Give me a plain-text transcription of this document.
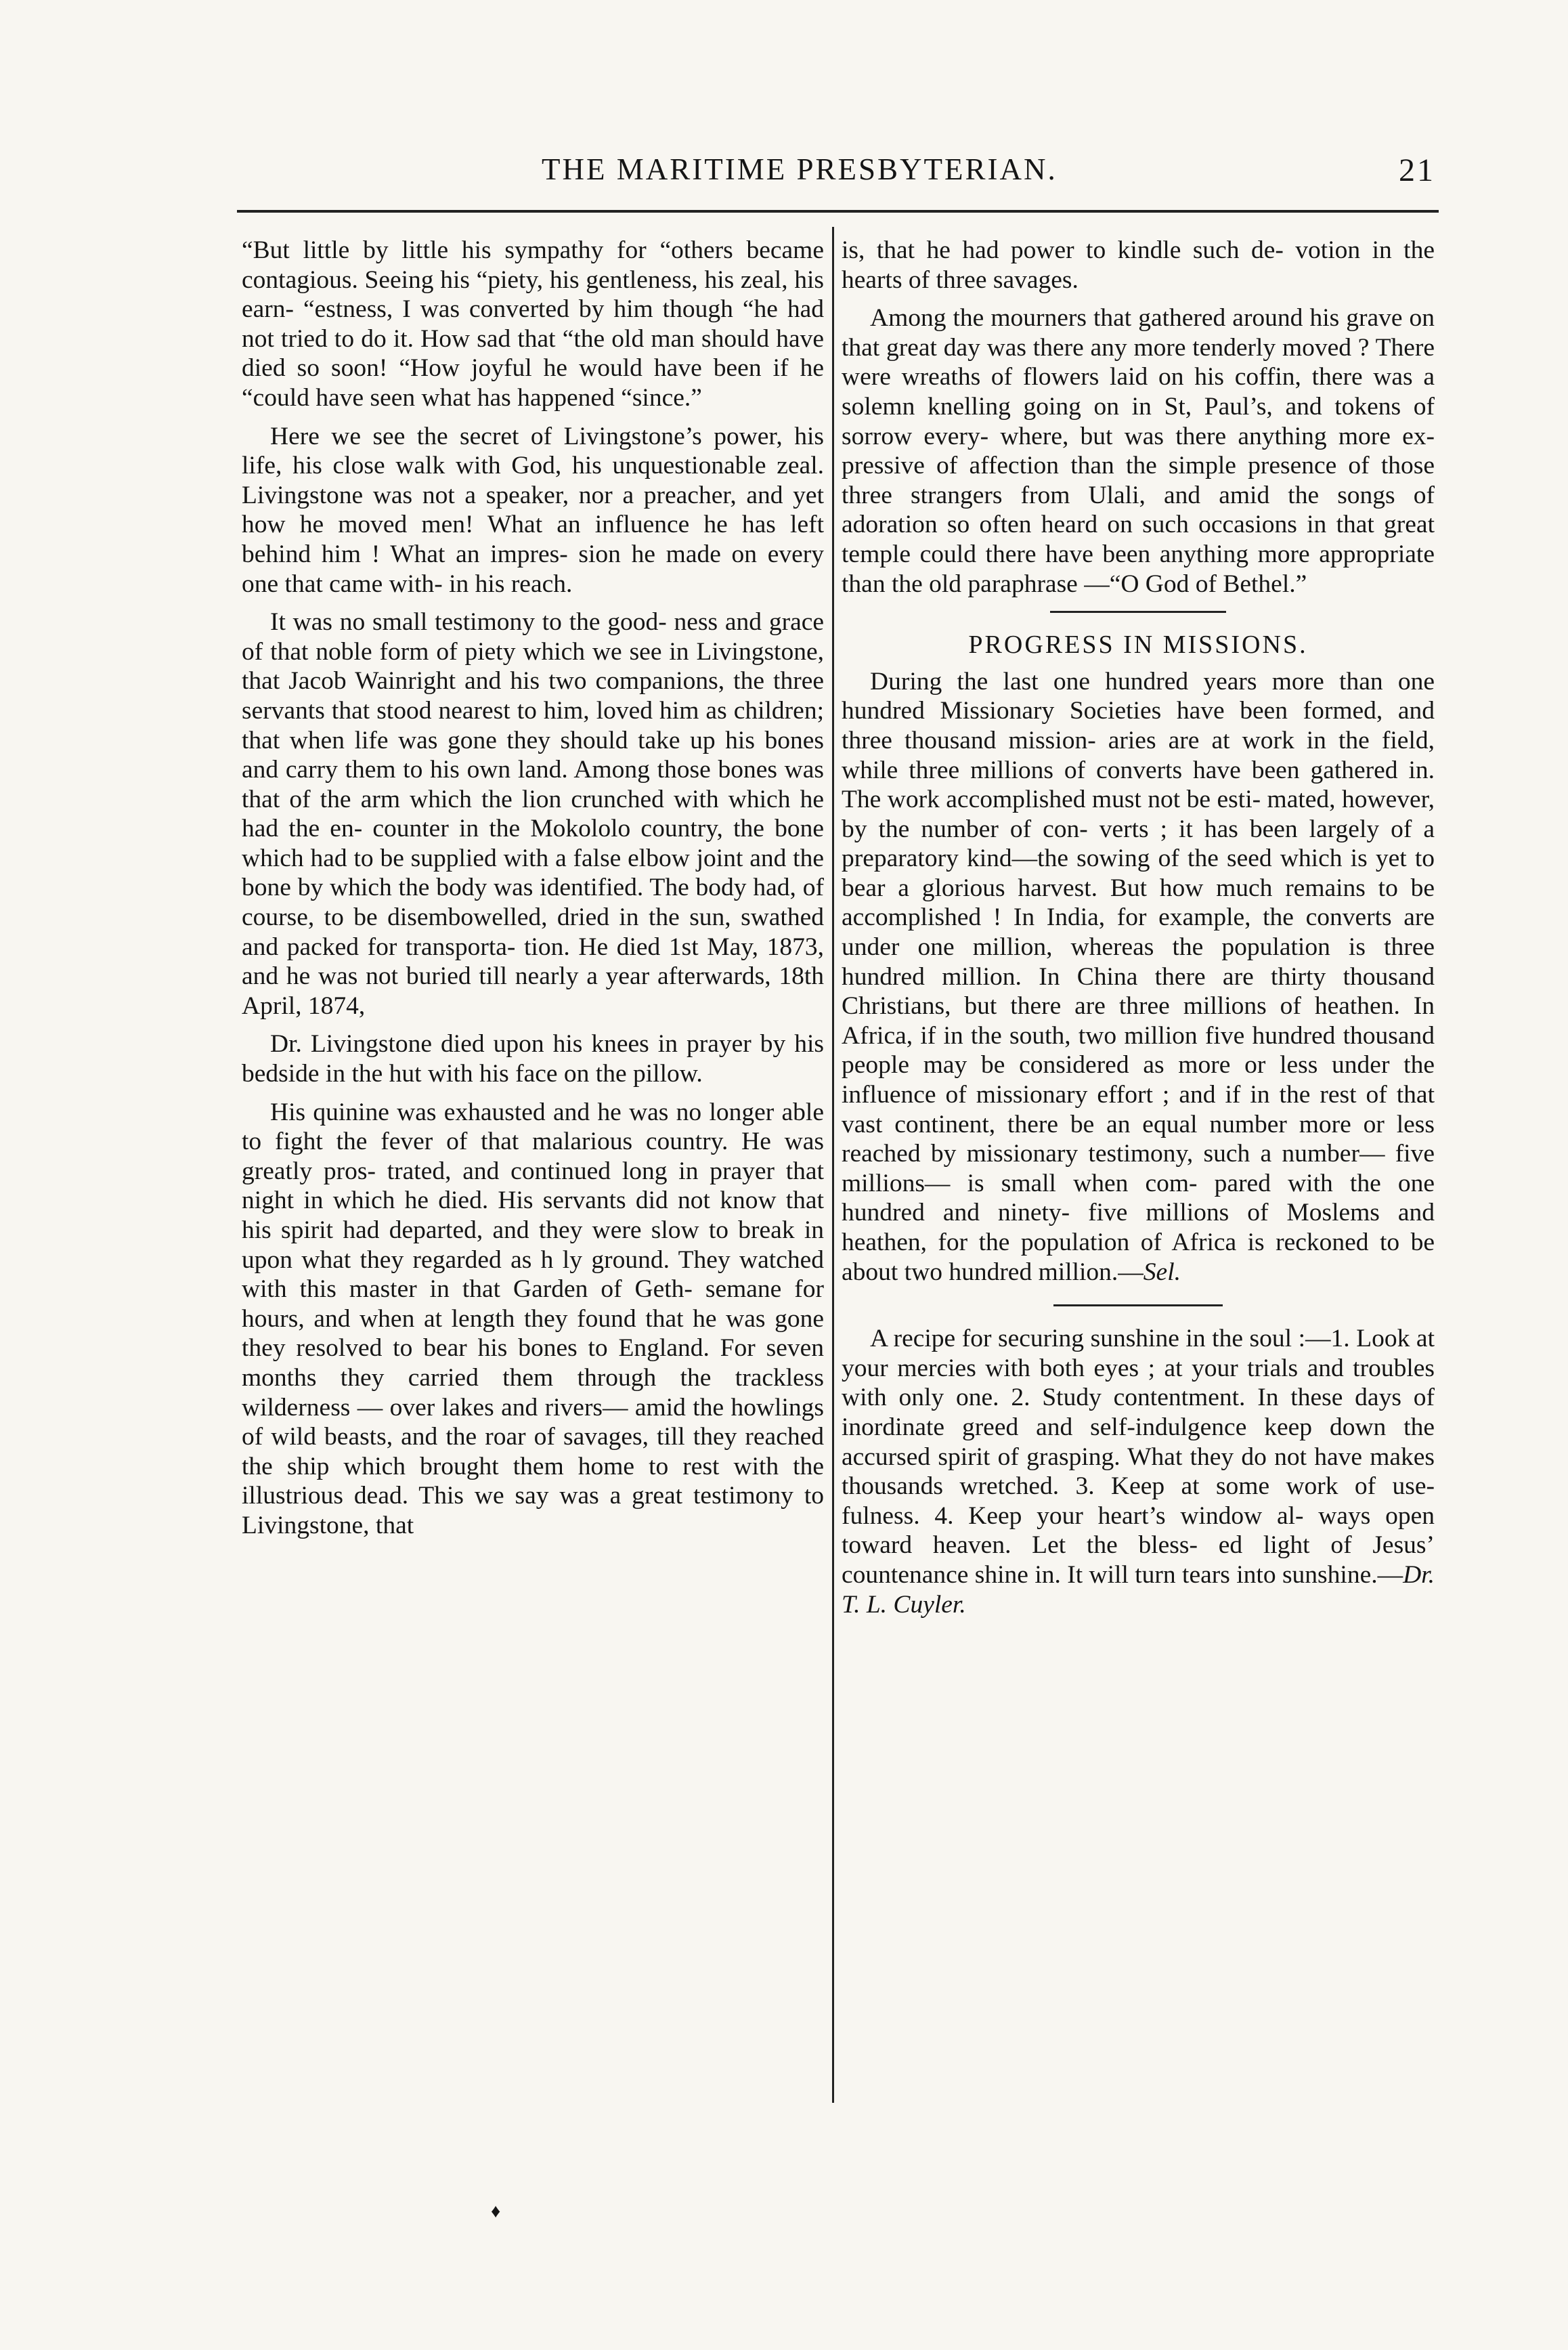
THE MARITIME PRESBYTERIAN.	21

“But little by little his sympathy for “others became contagious. Seeing his “piety, his gentleness, his zeal, his earn- “estness, I was converted by him though “he had not tried to do it. How sad that “the old man should have died so soon! “How joyful he would have been if he “could have seen what has happened “since.”

Here we see the secret of Livingstone’s power, his life, his close walk with God, his unquestionable zeal. Livingstone was not a speaker, nor a preacher, and yet how he moved men! What an influence he has left behind him ! What an impres- sion he made on every one that came with- in his reach.

It was no small testimony to the good- ness and grace of that noble form of piety which we see in Livingstone, that Jacob Wainright and his two companions, the three servants that stood nearest to him, loved him as children; that when life was gone they should take up his bones and carry them to his own land. Among those bones was that of the arm which the lion crunched with which he had the en- counter in the Mokololo country, the bone which had to be supplied with a false elbow joint and the bone by which the body was identified. The body had, of course, to be disembowelled, dried in the sun, swathed and packed for transporta- tion. He died 1st May, 1873, and he was not buried till nearly a year afterwards, 18th April, 1874,

Dr. Livingstone died upon his knees in prayer by his bedside in the hut with his face on the pillow.

His quinine was exhausted and he was no longer able to fight the fever of that malarious country. He was greatly pros- trated, and continued long in prayer that night in which he died. His servants did not know that his spirit had departed, and they were slow to break in upon what they regarded as h ly ground. They watched with this master in that Garden of Geth- semane for hours, and when at length they found that he was gone they resolved to bear his bones to England. For seven months they carried them through the trackless wilderness — over lakes and rivers— amid the howlings of wild beasts, and the roar of savages, till they reached the ship which brought them home to rest with the illustrious dead. This we say was a great testimony to Livingstone, that

is, that he had power to kindle such de- votion in the hearts of three savages.

Among the mourners that gathered around his grave on that great day was there any more tenderly moved ? There were wreaths of flowers laid on his coffin, there was a solemn knelling going on in St, Paul’s, and tokens of sorrow every- where, but was there anything more ex- pressive of affection than the simple presence of those three strangers from Ulali, and amid the songs of adoration so often heard on such occasions in that great temple could there have been anything more appropriate than the old paraphrase —“O God of Bethel.”

PROGRESS IN MISSIONS.

During the last one hundred years more than one hundred Missionary Societies have been formed, and three thousand mission- aries are at work in the field, while three millions of converts have been gathered in. The work accomplished must not be esti- mated, however, by the number of con- verts ; it has been largely of a preparatory kind—the sowing of the seed which is yet to bear a glorious harvest. But how much remains to be accomplished ! In India, for example, the converts are under one million, whereas the population is three hundred million. In China there are thirty thousand Christians, but there are three millions of heathen. In Africa, if in the south, two million five hundred thousand people may be considered as more or less under the influence of missionary effort ; and if in the rest of that vast continent, there be an equal number more or less reached by missionary testimony, such a number— five millions— is small when com- pared with the one hundred and ninety- five millions of Moslems and heathen, for the population of Africa is reckoned to be about two hundred million.—Sel.

A recipe for securing sunshine in the soul :—1. Look at your mercies with both eyes ; at your trials and troubles with only one. 2. Study contentment. In these days of inordinate greed and self-indulgence keep down the accursed spirit of grasping. What they do not have makes thousands wretched. 3. Keep at some work of use- fulness. 4. Keep your heart’s window al- ways open toward heaven. Let the bless- ed light of Jesus’ countenance shine in. It will turn tears into sunshine.—Dr. T. L. Cuyler.

♦
